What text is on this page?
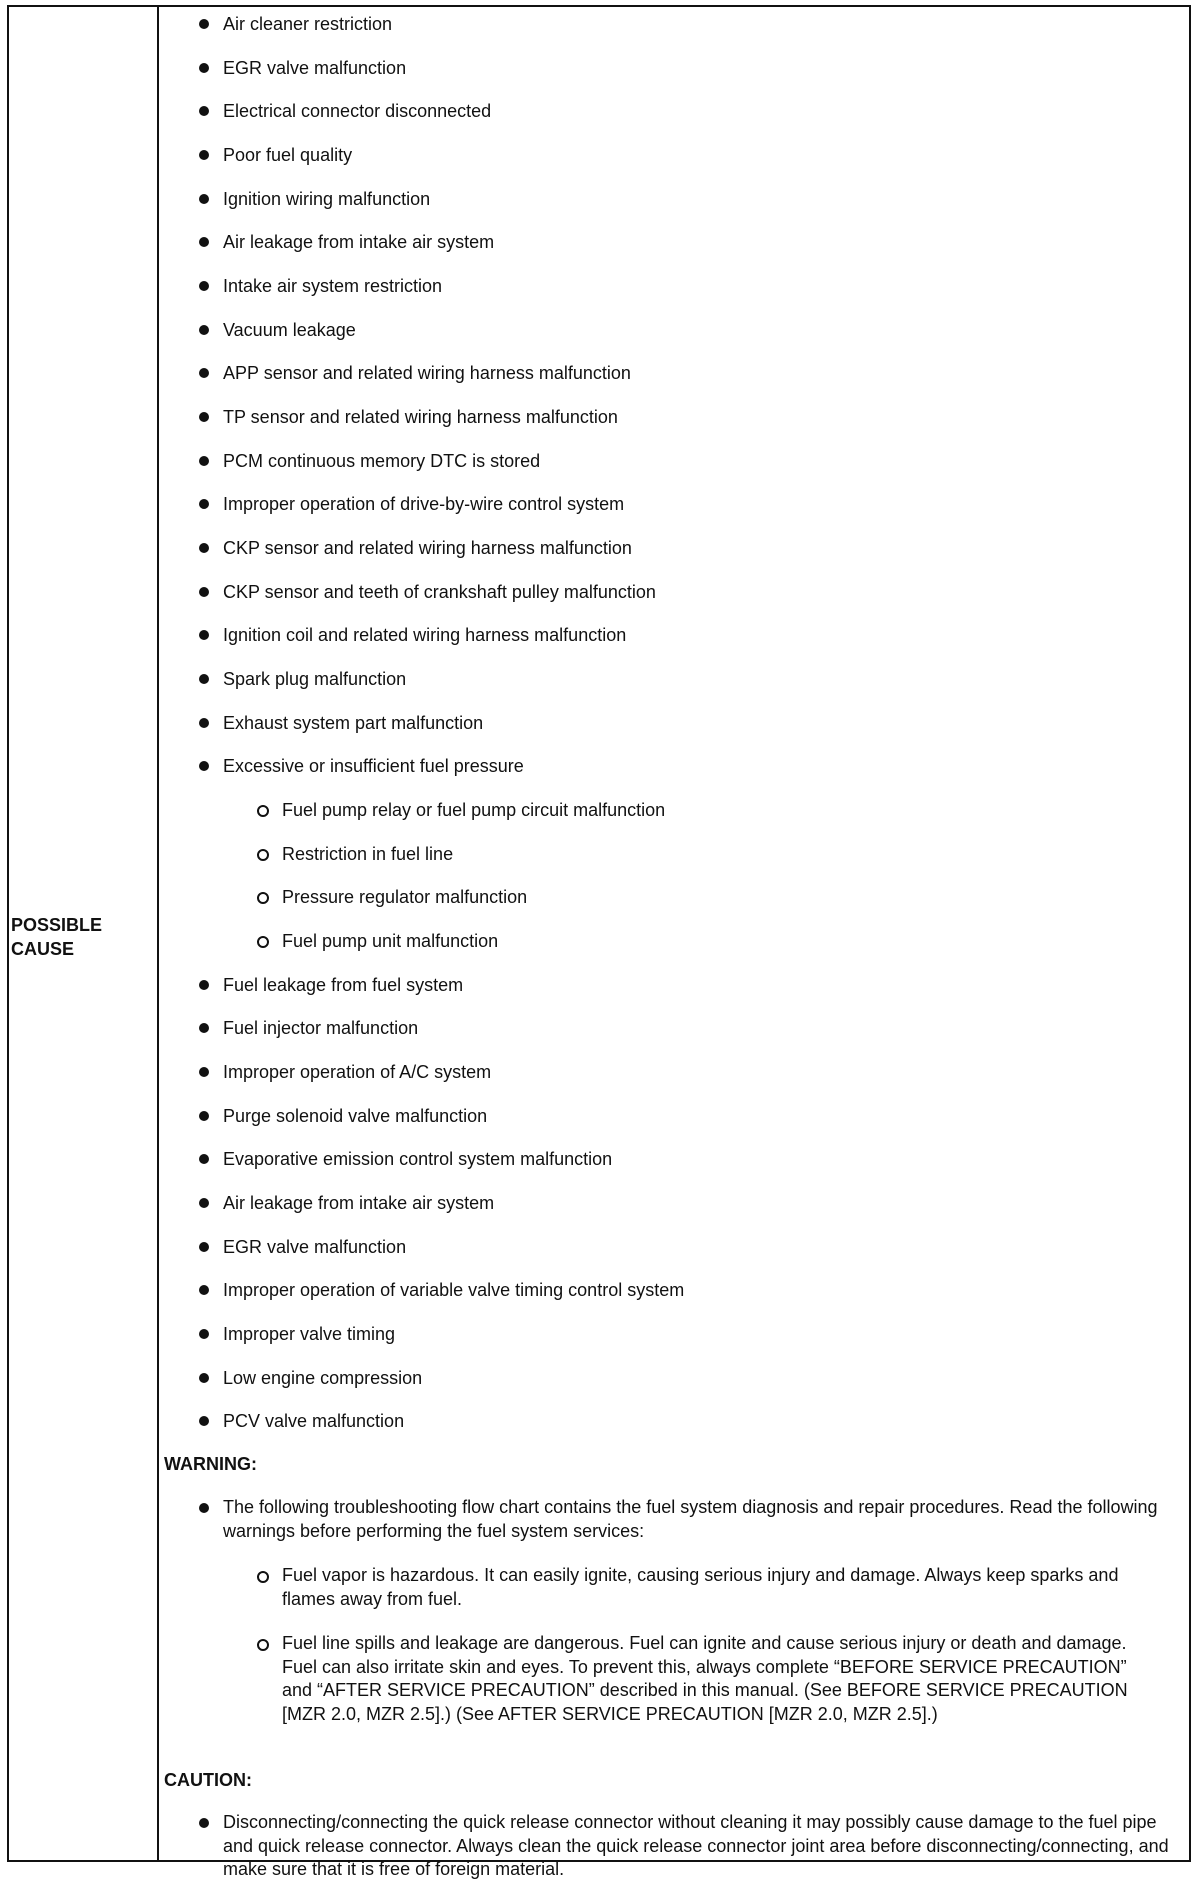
POSSIBLE
CAUSE
Air cleaner restriction
EGR valve malfunction
Electrical connector disconnected
Poor fuel quality
Ignition wiring malfunction
Air leakage from intake air system
Intake air system restriction
Vacuum leakage
APP sensor and related wiring harness malfunction
TP sensor and related wiring harness malfunction
PCM continuous memory DTC is stored
Improper operation of drive-by-wire control system
CKP sensor and related wiring harness malfunction
CKP sensor and teeth of crankshaft pulley malfunction
Ignition coil and related wiring harness malfunction
Spark plug malfunction
Exhaust system part malfunction
Excessive or insufficient fuel pressure
Fuel pump relay or fuel pump circuit malfunction
Restriction in fuel line
Pressure regulator malfunction
Fuel pump unit malfunction
Fuel leakage from fuel system
Fuel injector malfunction
Improper operation of A/C system
Purge solenoid valve malfunction
Evaporative emission control system malfunction
Air leakage from intake air system
EGR valve malfunction
Improper operation of variable valve timing control system
Improper valve timing
Low engine compression
PCV valve malfunction
WARNING:
The following troubleshooting flow chart contains the fuel system diagnosis and repair procedures. Read the following warnings before performing the fuel system services:
Fuel vapor is hazardous. It can easily ignite, causing serious injury and damage. Always keep sparks and flames away from fuel.
Fuel line spills and leakage are dangerous. Fuel can ignite and cause serious injury or death and damage. Fuel can also irritate skin and eyes. To prevent this, always complete “BEFORE SERVICE PRECAUTION” and “AFTER SERVICE PRECAUTION” described in this manual. (See BEFORE SERVICE PRECAUTION [MZR 2.0, MZR 2.5].) (See AFTER SERVICE PRECAUTION [MZR 2.0, MZR 2.5].)
CAUTION:
Disconnecting/connecting the quick release connector without cleaning it may possibly cause damage to the fuel pipe and quick release connector. Always clean the quick release connector joint area before disconnecting/connecting, and make sure that it is free of foreign material.
